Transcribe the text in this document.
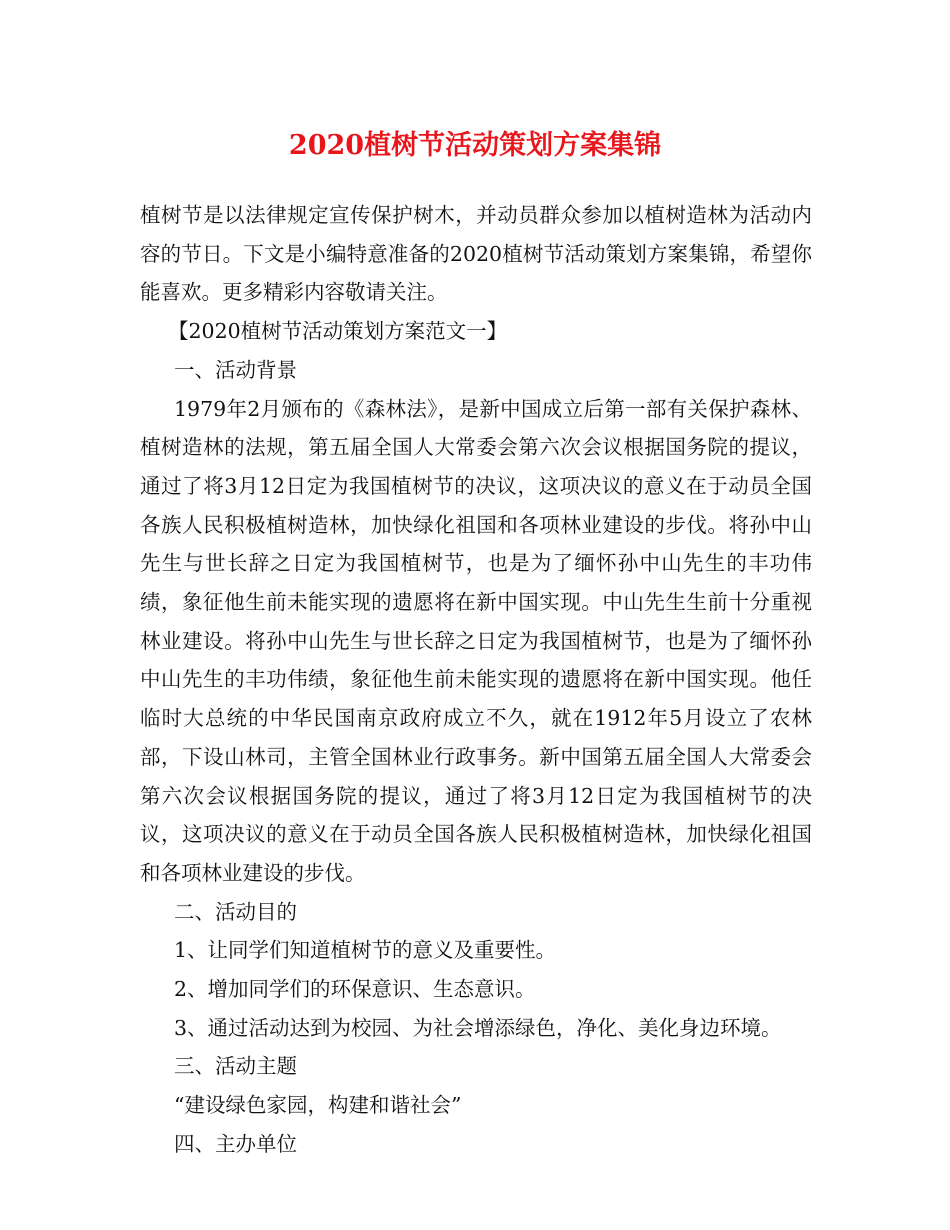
2020植树节活动策划方案集锦

植树节是以法律规定宣传保护树木，并动员群众参加以植树造林为活动内容的节日。下文是小编特意准备的2020植树节活动策划方案集锦，希望你能喜欢。更多精彩内容敬请关注。

【2020植树节活动策划方案范文一】

一、活动背景

1979年2月颁布的《森林法》，是新中国成立后第一部有关保护森林、植树造林的法规，第五届全国人大常委会第六次会议根据国务院的提议，通过了将3月12日定为我国植树节的决议，这项决议的意义在于动员全国各族人民积极植树造林，加快绿化祖国和各项林业建设的步伐。将孙中山先生与世长辞之日定为我国植树节，也是为了缅怀孙中山先生的丰功伟绩，象征他生前未能实现的遗愿将在新中国实现。中山先生生前十分重视林业建设。将孙中山先生与世长辞之日定为我国植树节，也是为了缅怀孙中山先生的丰功伟绩，象征他生前未能实现的遗愿将在新中国实现。他任临时大总统的中华民国南京政府成立不久，就在1912年5月设立了农林部，下设山林司，主管全国林业行政事务。新中国第五届全国人大常委会第六次会议根据国务院的提议，通过了将3月12日定为我国植树节的决议，这项决议的意义在于动员全国各族人民积极植树造林，加快绿化祖国和各项林业建设的步伐。

二、活动目的

1、让同学们知道植树节的意义及重要性。

2、增加同学们的环保意识、生态意识。

3、通过活动达到为校园、为社会增添绿色，净化、美化身边环境。

三、活动主题

“建设绿色家园，构建和谐社会”

四、主办单位
